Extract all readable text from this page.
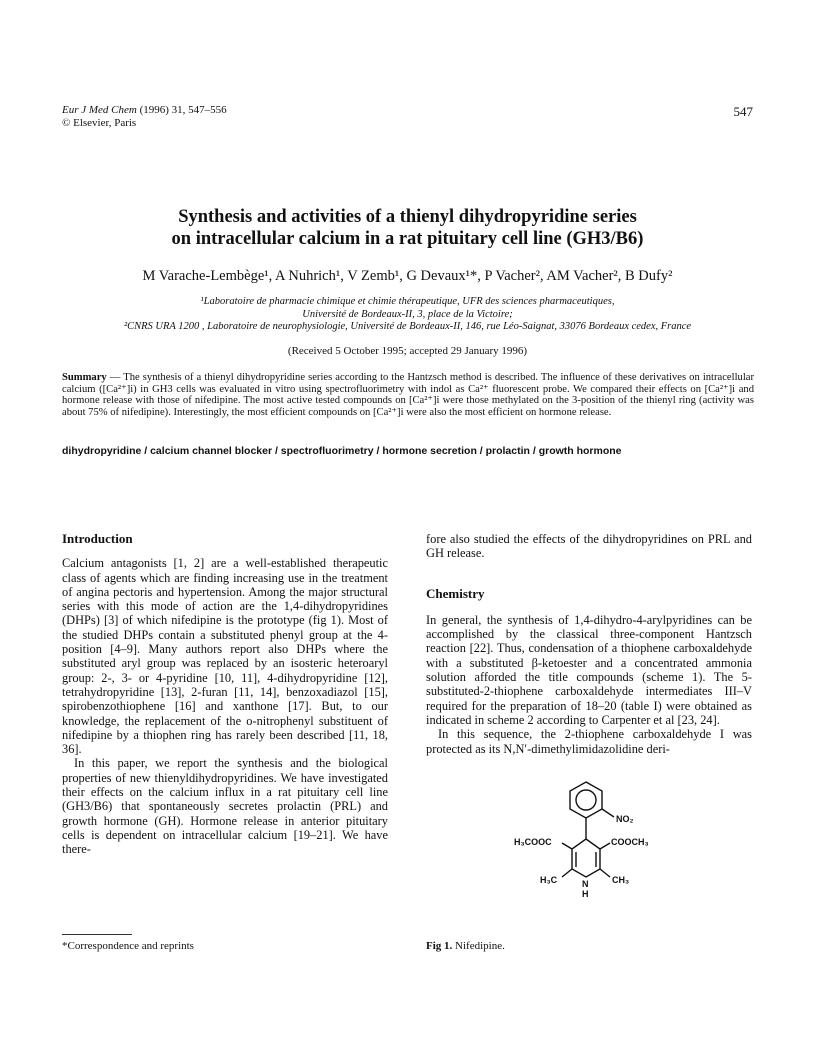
Eur J Med Chem (1996) 31, 547–556
© Elsevier, Paris
547
Synthesis and activities of a thienyl dihydropyridine series
on intracellular calcium in a rat pituitary cell line (GH3/B6)
M Varache-Lembège¹, A Nuhrich¹, V Zemb¹, G Devaux¹*, P Vacher², AM Vacher², B Dufy²
¹Laboratoire de pharmacie chimique et chimie thérapeutique, UFR des sciences pharmaceutiques,
Université de Bordeaux-II, 3, place de la Victoire;
²CNRS URA 1200 , Laboratoire de neurophysiologie, Université de Bordeaux-II, 146, rue Léo-Saignat, 33076 Bordeaux cedex, France
(Received 5 October 1995; accepted 29 January 1996)
Summary — The synthesis of a thienyl dihydropyridine series according to the Hantzsch method is described. The influence of these derivatives on intracellular calcium ([Ca²⁺]i) in GH3 cells was evaluated in vitro using spectrofluorimetry with indol as Ca²⁺ fluorescent probe. We compared their effects on [Ca²⁺]i and hormone release with those of nifedipine. The most active tested compounds on [Ca²⁺]i were those methylated on the 3-position of the thienyl ring (activity was about 75% of nifedipine). Interestingly, the most efficient compounds on [Ca²⁺]i were also the most efficient on hormone release.
dihydropyridine / calcium channel blocker / spectrofluorimetry / hormone secretion / prolactin / growth hormone
Introduction

Calcium antagonists [1, 2] are a well-established therapeutic class of agents which are finding increasing use in the treatment of angina pectoris and hypertension. Among the major structural series with this mode of action are the 1,4-dihydropyridines (DHPs) [3] of which nifedipine is the prototype (fig 1). Most of the studied DHPs contain a substituted phenyl group at the 4-position [4–9]. Many authors report also DHPs where the substituted aryl group was replaced by an isosteric heteroaryl group: 2-, 3- or 4-pyridine [10, 11], 4-dihydropyridine [12], tetrahydropyridine [13], 2-furan [11, 14], benzoxadiazol [15], spirobenzothiophene [16] and xanthone [17]. But, to our knowledge, the replacement of the o-nitrophenyl substituent of nifedipine by a thiophen ring has rarely been described [11, 18, 36].

In this paper, we report the synthesis and the biological properties of new thienyldihydropyridines. We have investigated their effects on the calcium influx in a rat pituitary cell line (GH3/B6) that spontaneously secretes prolactin (PRL) and growth hormone (GH). Hormone release in anterior pituitary cells is dependent on intracellular calcium [19–21]. We have there-

fore also studied the effects of the dihydropyridines on PRL and GH release.

Chemistry

In general, the synthesis of 1,4-dihydro-4-arylpyridines can be accomplished by the classical three-component Hantzsch reaction [22]. Thus, condensation of a thiophene carboxaldehyde with a substituted β-ketoester and a concentrated ammonia solution afforded the title compounds (scheme 1). The 5-substituted-2-thiophene carboxaldehyde intermediates III–V required for the preparation of 18–20 (table I) were obtained as indicated in scheme 2 according to Carpenter et al [23, 24].

In this sequence, the 2-thiophene carboxaldehyde I was protected as its N,N′-dimethylimidazolidine deri-

NO₂
H₃COOC	COOCH₃
H₃C	CH₃
N
H
*Correspondence and reprints	Fig 1. Nifedipine.
